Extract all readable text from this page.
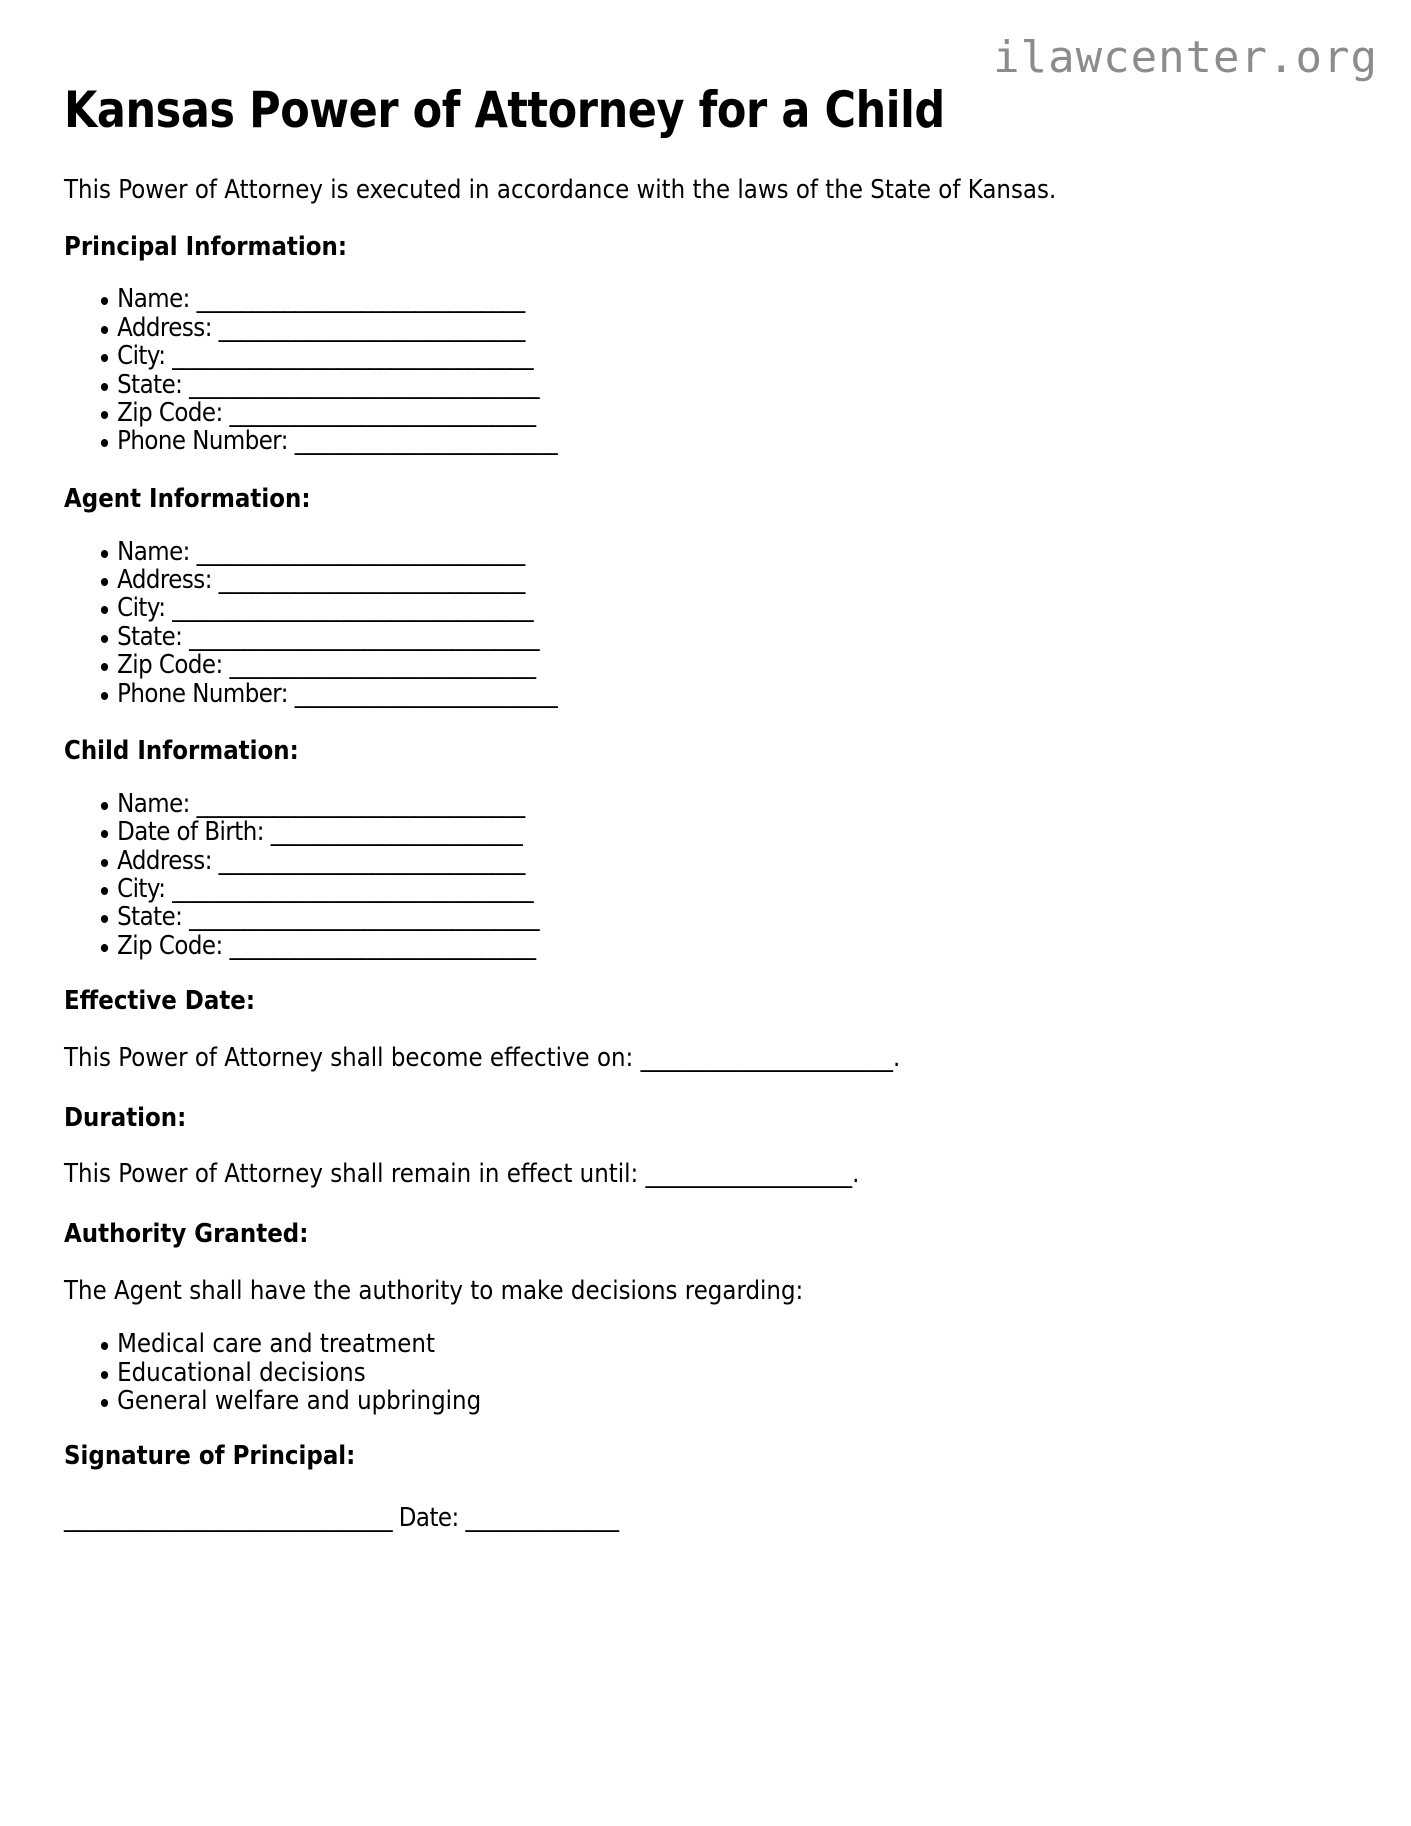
ilawcenter.org
Kansas Power of Attorney for a Child

This Power of Attorney is executed in accordance with the laws of the State of Kansas.

Principal Information:
Name: ______________________________
Address: ____________________________
City: _________________________________
State: ________________________________
Zip Code: ____________________________
Phone Number: ________________________
Agent Information:
Name: ______________________________
Address: ____________________________
City: _________________________________
State: ________________________________
Zip Code: ____________________________
Phone Number: ________________________
Child Information:
Name: ______________________________
Date of Birth: _______________________
Address: ____________________________
City: _________________________________
State: ________________________________
Zip Code: ____________________________
Effective Date:

This Power of Attorney shall become effective on: ______________________.

Duration:

This Power of Attorney shall remain in effect until: __________________.

Authority Granted:

The Agent shall have the authority to make decisions regarding:

Medical care and treatment
Educational decisions
General welfare and upbringing
Signature of Principal:

______________________________ Date: ______________
